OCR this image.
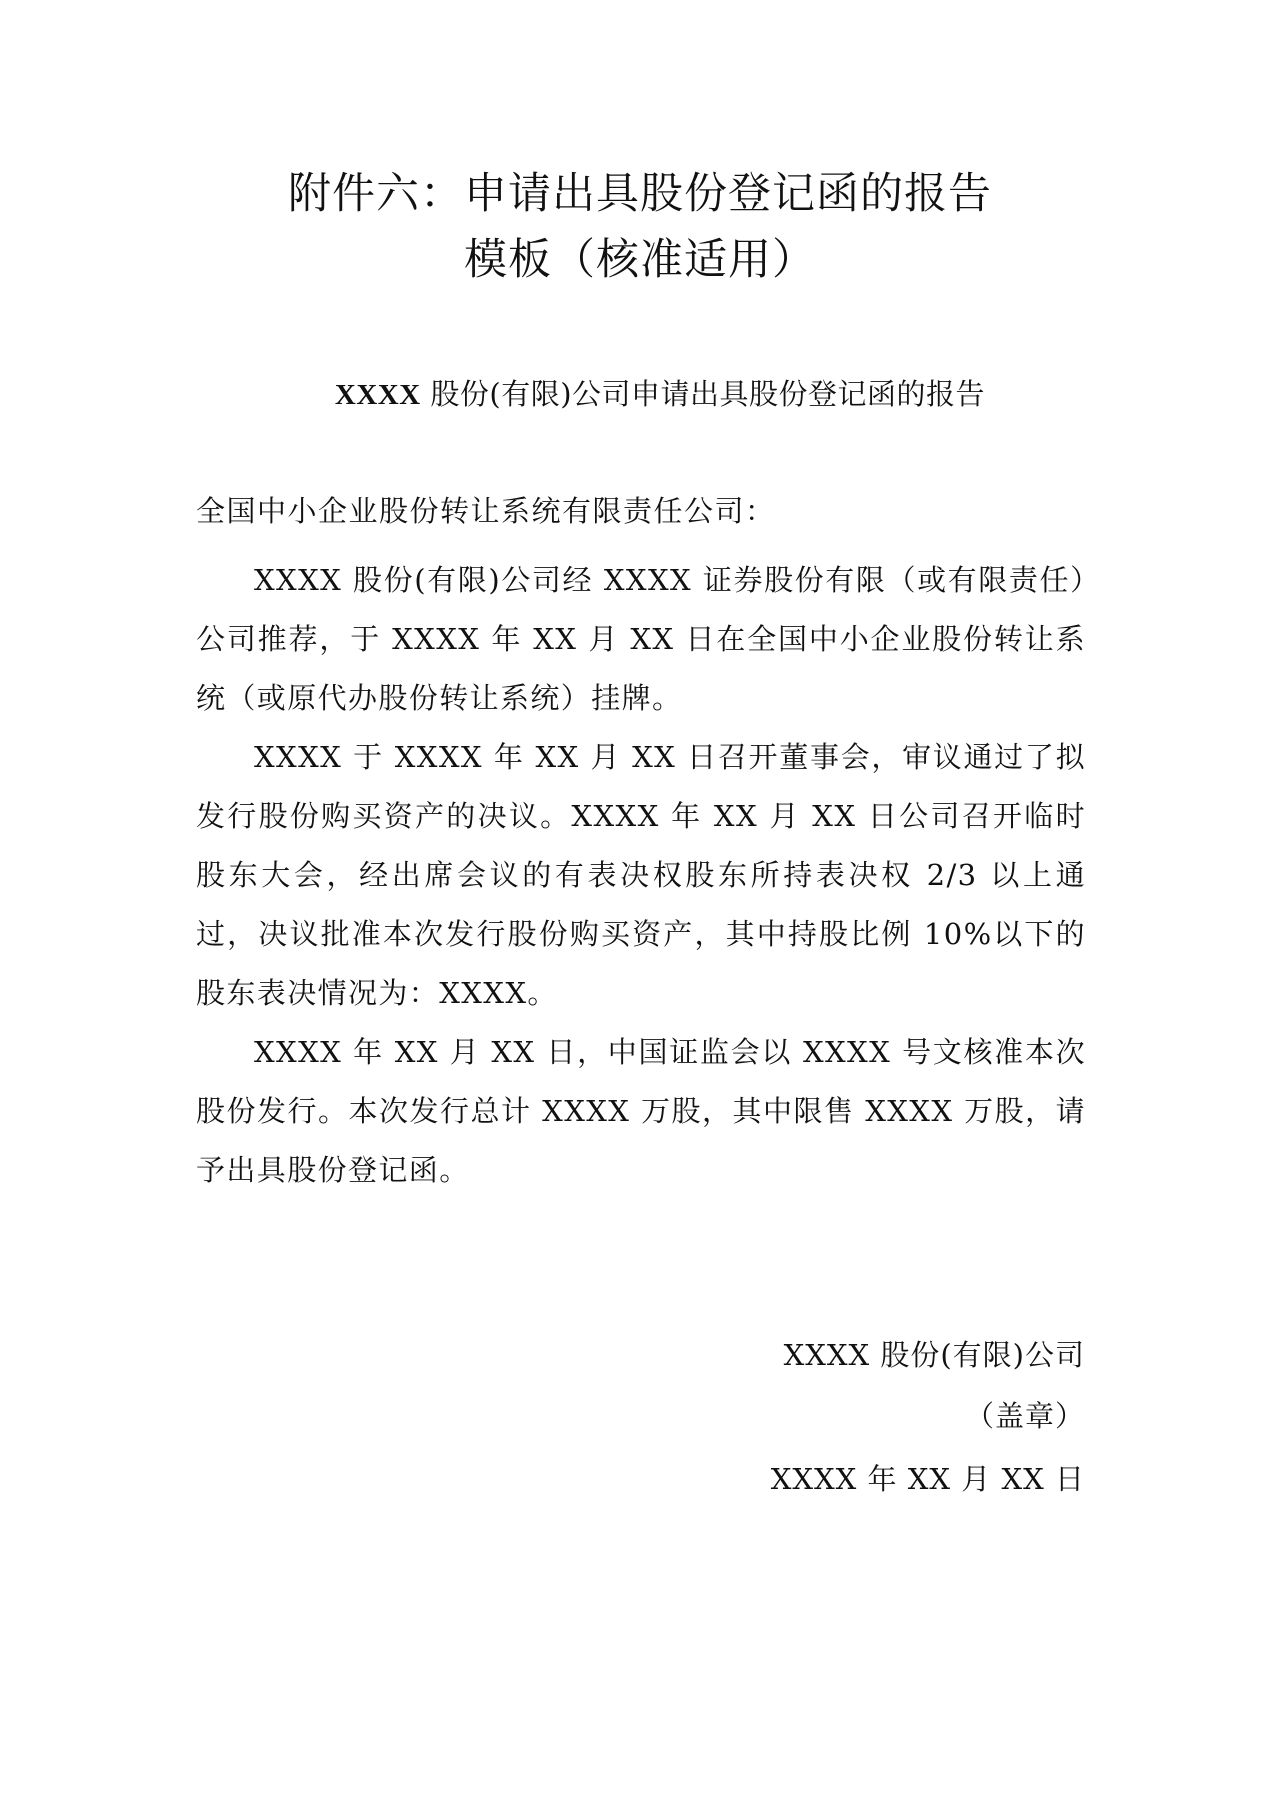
附件六：申请出具股份登记函的报告
模板（核准适用）
XXXX 股份(有限)公司申请出具股份登记函的报告
全国中小企业股份转让系统有限责任公司：

XXXX 股份(有限)公司经 XXXX 证券股份有限（或有限责任）公司推荐，于 XXXX 年 XX 月 XX 日在全国中小企业股份转让系统（或原代办股份转让系统）挂牌。

XXXX 于 XXXX 年 XX 月 XX 日召开董事会，审议通过了拟发行股份购买资产的决议。XXXX 年 XX 月 XX 日公司召开临时股东大会，经出席会议的有表决权股东所持表决权 2/3 以上通过，决议批准本次发行股份购买资产，其中持股比例 10%以下的股东表决情况为：XXXX。

XXXX 年 XX 月 XX 日，中国证监会以 XXXX 号文核准本次股份发行。本次发行总计 XXXX 万股，其中限售 XXXX 万股，请予出具股份登记函。

XXXX 股份(有限)公司
（盖章）
XXXX 年 XX 月 XX 日
